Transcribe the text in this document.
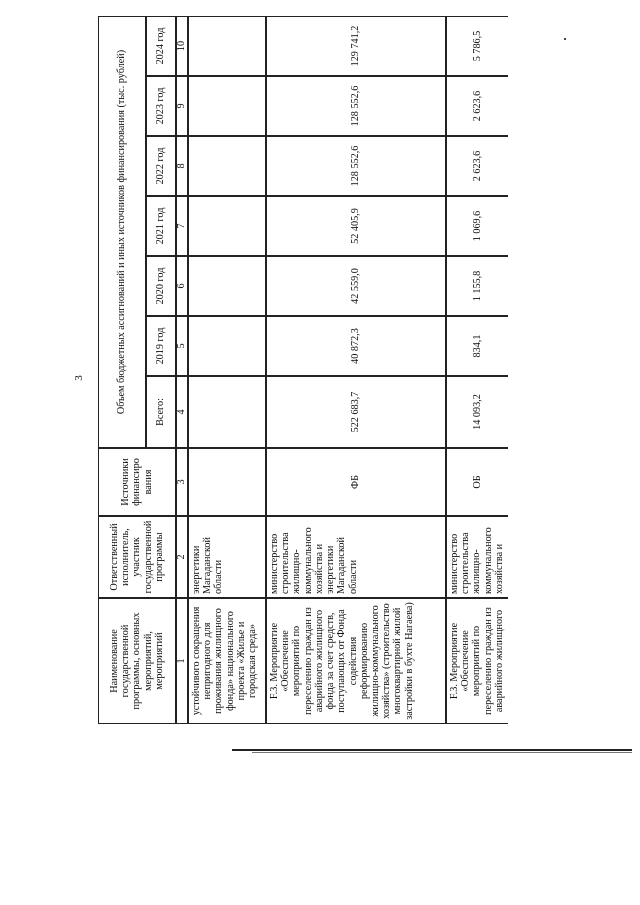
3
Наименование государственной программы, основных мероприятий, мероприятий
Ответственный исполнитель, участник государственной программы
Источники финансиро вания
Объем бюджетных ассигнований и иных источников финансирования (тыс. рублей)	Всего:
2019 год
2020 год
2021 год
2022 год
2023 год
2024 год
1
2
3
4
5
6
7
8
9
10
устойчивого сокращения непригодного для проживания жилищного фонда» национального проекта «Жилье и городская среда»
энергетики Магаданской области
F.3. Мероприятие «Обеспечение мероприятий по переселению граждан из аварийного жилищного фонда за счет средств, поступающих от Фонда содействия реформированию жилищно-коммунального хозяйства» (строительство многоквартирной жилой застройки в бухте Нагаева)
министерство строительства жилищно-коммунального хозяйства и энергетики Магаданской области
ФБ
522 683,7
40 872,3
42 559,0
52 405,9
128 552,6
128 552,6
129 741,2
F.3. Мероприятие «Обеспечение мероприятий по переселению граждан из аварийного жилищного
министерство строительства жилищно-коммунального хозяйства и
ОБ
14 093,2
834,1
1 155,8
1 069,6
2 623,6
2 623,6
5 786,5
